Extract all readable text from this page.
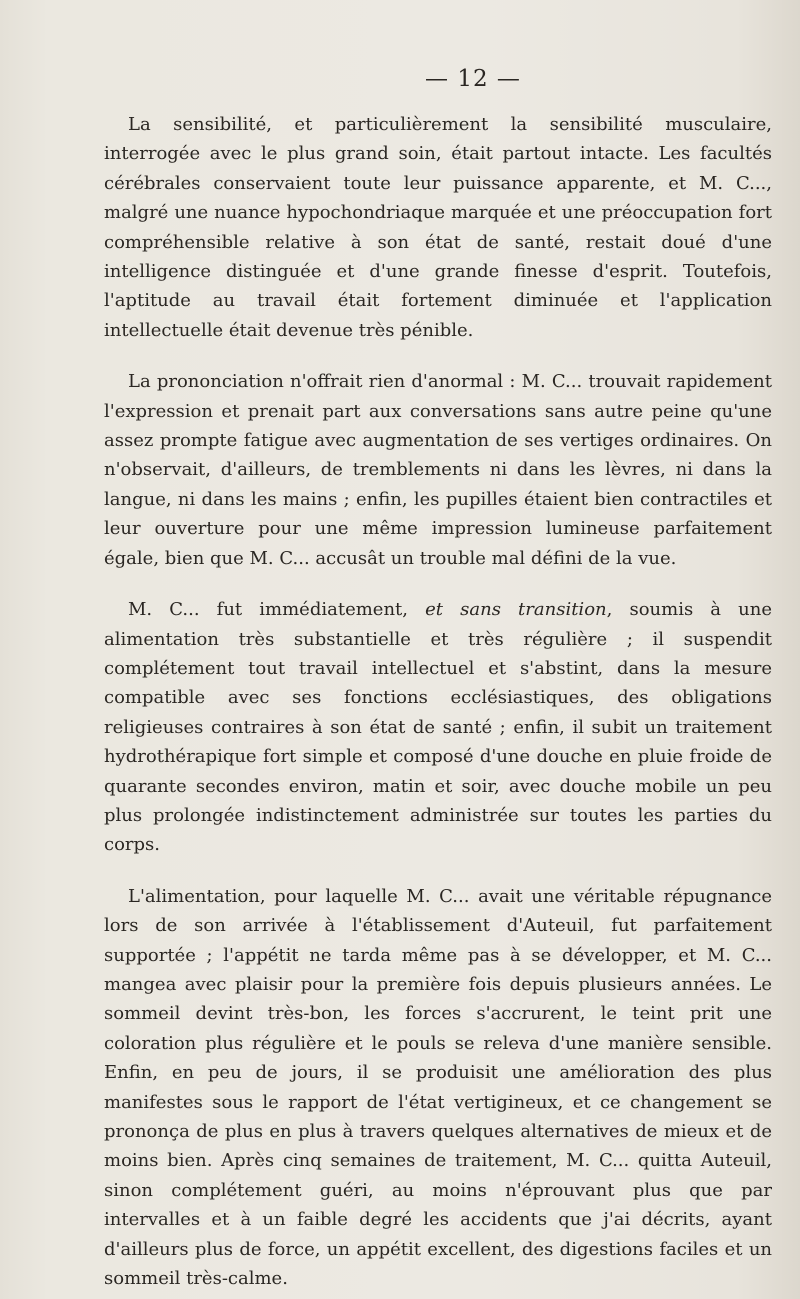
— 12 —

La sensibilité, et particulièrement la sensibilité musculaire, interrogée avec le plus grand soin, était partout intacte. Les facultés cérébrales conservaient toute leur puissance apparente, et M. C..., malgré une nuance hypochondriaque marquée et une préoccupation fort compréhensible relative à son état de santé, restait doué d'une intelligence distinguée et d'une grande finesse d'esprit. Toutefois, l'aptitude au travail était fortement diminuée et l'application intellectuelle était devenue très pénible.

La prononciation n'offrait rien d'anormal : M. C... trouvait rapidement l'expression et prenait part aux conversations sans autre peine qu'une assez prompte fatigue avec augmentation de ses vertiges ordinaires. On n'observait, d'ailleurs, de tremblements ni dans les lèvres, ni dans la langue, ni dans les mains ; enfin, les pupilles étaient bien contractiles et leur ouverture pour une même impression lumineuse parfaitement égale, bien que M. C... accusât un trouble mal défini de la vue.

M. C... fut immédiatement, et sans transition, soumis à une alimentation très substantielle et très régulière ; il suspendit complétement tout travail intellectuel et s'abstint, dans la mesure compatible avec ses fonctions ecclésiastiques, des obligations religieuses contraires à son état de santé ; enfin, il subit un traitement hydrothérapique fort simple et composé d'une douche en pluie froide de quarante secondes environ, matin et soir, avec douche mobile un peu plus prolongée indistinctement administrée sur toutes les parties du corps.

L'alimentation, pour laquelle M. C... avait une véritable répugnance lors de son arrivée à l'établissement d'Auteuil, fut parfaitement supportée ; l'appétit ne tarda même pas à se développer, et M. C... mangea avec plaisir pour la première fois depuis plusieurs années. Le sommeil devint très-bon, les forces s'accrurent, le teint prit une coloration plus régulière et le pouls se releva d'une manière sensible. Enfin, en peu de jours, il se produisit une amélioration des plus manifestes sous le rapport de l'état vertigineux, et ce changement se prononça de plus en plus à travers quelques alternatives de mieux et de moins bien. Après cinq semaines de traitement, M. C... quitta Auteuil, sinon complétement guéri, au moins n'éprouvant plus que par intervalles et à un faible degré les accidents que j'ai décrits, ayant d'ailleurs plus de force, un appétit excellent, des digestions faciles et un sommeil très-calme.
